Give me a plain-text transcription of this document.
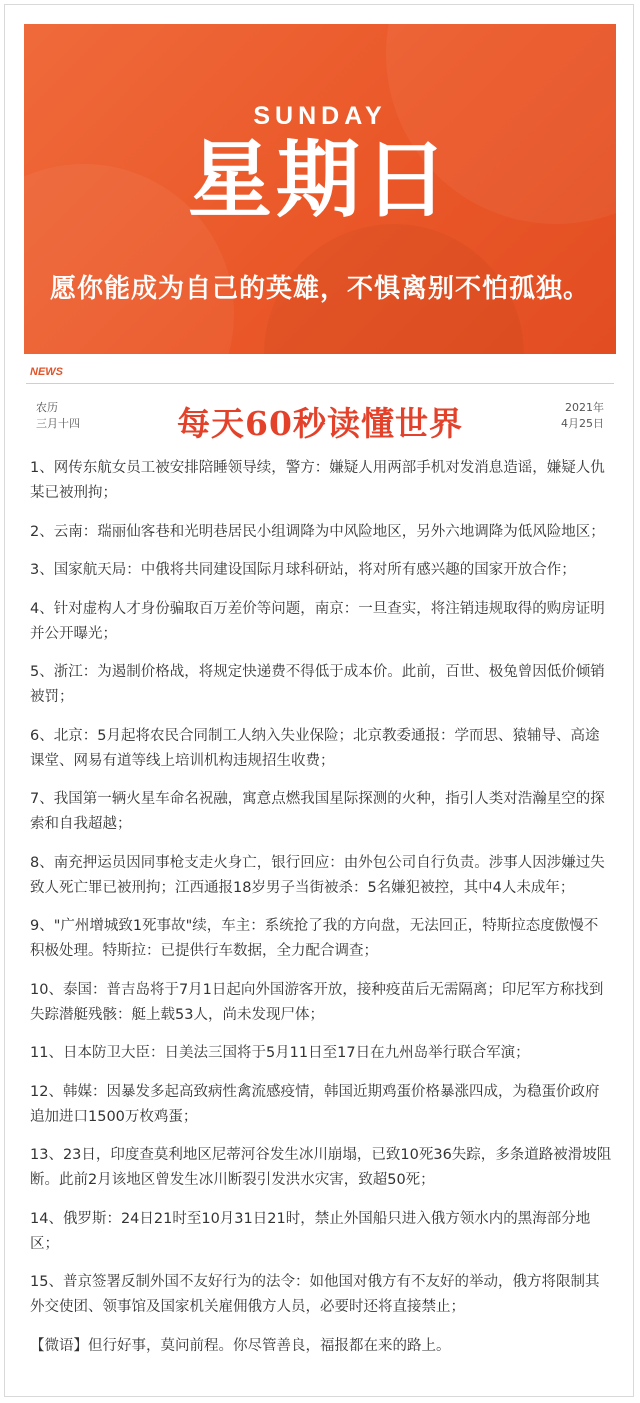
SUNDAY
星期日
愿你能成为自己的英雄，不惧离别不怕孤独。
NEWS
农历
三月十四	每天60秒读懂世界	2021年
4月25日
1、网传东航女员工被安排陪睡领导续，警方：嫌疑人用两部手机对发消息造谣，嫌疑人仇某已被刑拘；
2、云南：瑞丽仙客巷和光明巷居民小组调降为中风险地区，另外六地调降为低风险地区；
3、国家航天局：中俄将共同建设国际月球科研站，将对所有感兴趣的国家开放合作；
4、针对虚构人才身份骗取百万差价等问题，南京：一旦查实，将注销违规取得的购房证明并公开曝光；
5、浙江：为遏制价格战，将规定快递费不得低于成本价。此前，百世、极兔曾因低价倾销被罚；
6、北京：5月起将农民合同制工人纳入失业保险；北京教委通报：学而思、猿辅导、高途课堂、网易有道等线上培训机构违规招生收费；
7、我国第一辆火星车命名祝融，寓意点燃我国星际探测的火种，指引人类对浩瀚星空的探索和自我超越；
8、南充押运员因同事枪支走火身亡，银行回应：由外包公司自行负责。涉事人因涉嫌过失致人死亡罪已被刑拘；江西通报18岁男子当街被杀：5名嫌犯被控，其中4人未成年；
9、"广州增城致1死事故"续，车主：系统抢了我的方向盘，无法回正，特斯拉态度傲慢不积极处理。特斯拉：已提供行车数据，全力配合调查；
10、泰国：普吉岛将于7月1日起向外国游客开放，接种疫苗后无需隔离；印尼军方称找到失踪潜艇残骸：艇上载53人，尚未发现尸体；
11、日本防卫大臣：日美法三国将于5月11日至17日在九州岛举行联合军演；
12、韩媒：因暴发多起高致病性禽流感疫情，韩国近期鸡蛋价格暴涨四成，为稳蛋价政府追加进口1500万枚鸡蛋；
13、23日，印度查莫利地区尼蒂河谷发生冰川崩塌，已致10死36失踪，多条道路被滑坡阻断。此前2月该地区曾发生冰川断裂引发洪水灾害，致超50死；
14、俄罗斯：24日21时至10月31日21时，禁止外国船只进入俄方领水内的黑海部分地区；
15、普京签署反制外国不友好行为的法令：如他国对俄方有不友好的举动，俄方将限制其外交使团、领事馆及国家机关雇佣俄方人员，必要时还将直接禁止；
【微语】但行好事，莫问前程。你尽管善良，福报都在来的路上。
